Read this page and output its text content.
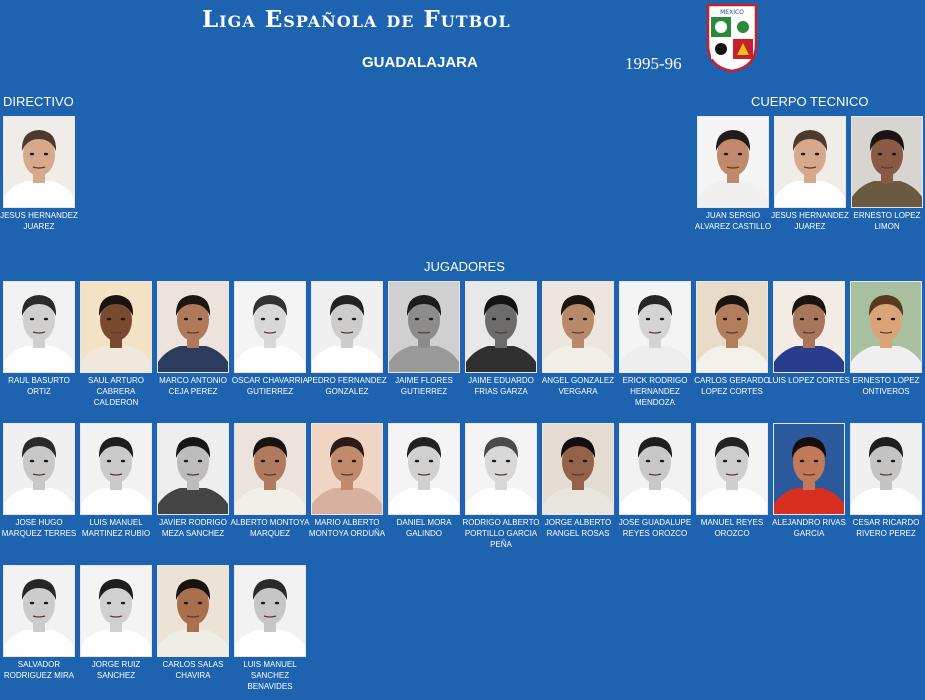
Liga Española de Futbol
GUADALAJARA	1995-96
MEXICO
DIRECTIVO	CUERPO TECNICO
JUGADORES
JESUS HERNANDEZ JUAREZ
JUAN SERGIO ALVAREZ CASTILLO
JESUS HERNANDEZ JUAREZ
ERNESTO LOPEZ LIMON
RAUL BASURTO ORTIZ
SAUL ARTURO CABRERA CALDERON
MARCO ANTONIO CEJA PEREZ
OSCAR CHAVARRIA GUTIERREZ
PEDRO FERNANDEZ GONZALEZ
JAIME FLORES GUTIERREZ
JAIME EDUARDO FRIAS GARZA
ANGEL GONZALEZ VERGARA
ERICK RODRIGO HERNANDEZ MENDOZA
CARLOS GERARDO LOPEZ CORTES
LUIS LOPEZ CORTES ERNESTO LOPEZ ONTIVEROS
JOSE HUGO MARQUEZ TERRES
LUIS MANUEL MARTINEZ RUBIO
JAVIER RODRIGO MEZA SANCHEZ
ALBERTO MONTOYA MARQUEZ
MARIO ALBERTO MONTOYA ORDUÑA
DANIEL MORA GALINDO
RODRIGO ALBERTO PORTILLO GARCIA PEÑA
JORGE ALBERTO RANGEL ROSAS
JOSE GUADALUPE REYES OROZCO
MANUEL REYES OROZCO
ALEJANDRO RIVAS GARCIA
CESAR RICARDO RIVERO PEREZ
SALVADOR RODRIGUEZ MIRA
JORGE RUIZ SANCHEZ
CARLOS SALAS CHAVIRA
LUIS MANUEL SANCHEZ BENAVIDES
